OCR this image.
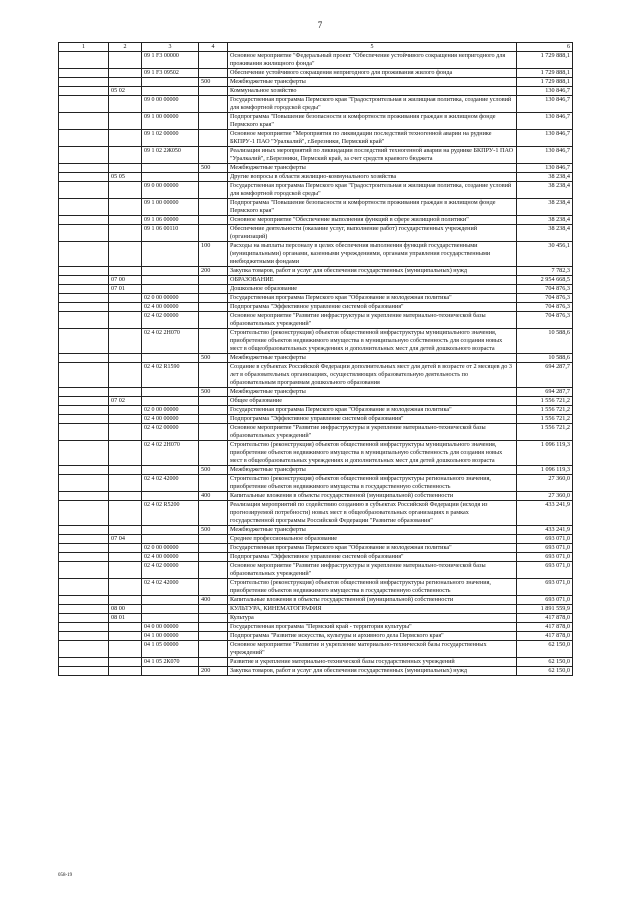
7
1	2	3	4	5	6
		09 1 F3 00000		Основное мероприятие "Федеральный проект "Обеспечение устойчивого сокращения непригодного для проживания жилищного фонда"	1 729 888,1
		09 1 F3 09502		Обеспечение устойчивого сокращения непригодного для проживания жилого фонда	1 729 888,1
			500	Межбюджетные трансферты	1 729 888,1
	05 02			Коммунальное хозяйство	130 846,7
		09 0 00 00000		Государственная программа Пермского края "Градостроительная и жилищная политика, создание условий для комфортной городской среды"	130 846,7
		09 1 00 00000		Подпрограмма "Повышение безопасности и комфортности проживания граждан в жилищном фонде Пермского края"	130 846,7
		09 1 02 00000		Основное мероприятие "Мероприятия по ликвидации последствий техногенной аварии на руднике БКПРУ-1 ПАО "Уралкалий", г.Березники, Пермский край"	130 846,7
		09 1 02 2Ж050		Реализация иных мероприятий по ликвидации последствий техногенной аварии на руднике БКПРУ-1 ПАО "Уралкалий", г.Березники, Пермский край, за счет средств краевого бюджета	130 846,7
			500	Межбюджетные трансферты	130 846,7
	05 05			Другие вопросы в области жилищно-коммунального хозяйства	38 238,4
		09 0 00 00000		Государственная программа Пермского края "Градостроительная и жилищная политика, создание условий для комфортной городской среды"	38 238,4
		09 1 00 00000		Подпрограмма "Повышение безопасности и комфортности проживания граждан в жилищном фонде Пермского края"	38 238,4
		09 1 06 00000		Основное мероприятие "Обеспечение выполнения функций в сфере жилищной политики"	38 238,4
		09 1 06 00110		Обеспечение деятельности (оказание услуг, выполнение работ) государственных учреждений (организаций)	38 238,4
			100	Расходы на выплаты персоналу в целях обеспечения выполнения функций государственными (муниципальными) органами, казенными учреждениями, органами управления государственными внебюджетными фондами	30 456,1
			200	Закупка товаров, работ и услуг для обеспечения государственных (муниципальных) нужд	7 782,3
	07 00			ОБРАЗОВАНИЕ	2 954 668,5
	07 01			Дошкольное образование	704 876,3
		02 0 00 00000		Государственная программа Пермского края "Образование и молодежная политика"	704 876,3
		02 4 00 00000		Подпрограмма "Эффективное управление системой образования"	704 876,3
		02 4 02 00000		Основное мероприятие "Развитие инфраструктуры и укрепление материально-технической базы образовательных учреждений"	704 876,3
		02 4 02 2Н070		Строительство (реконструкция) объектов общественной инфраструктуры муниципального значения, приобретение объектов недвижимого имущества в муниципальную собственность для создания новых мест в общеобразовательных учреждениях и дополнительных мест для детей дошкольного возраста	10 588,6
			500	Межбюджетные трансферты	10 588,6
		02 4 02 R1590		Создание в субъектах Российской Федерации дополнительных мест для детей в возрасте от 2 месяцев до 3 лет в образовательных организациях, осуществляющих образовательную деятельность по образовательным программам дошкольного образования	694 287,7
			500	Межбюджетные трансферты	694 287,7
	07 02			Общее образование	1 556 721,2
		02 0 00 00000		Государственная программа Пермского края "Образование и молодежная политика"	1 556 721,2
		02 4 00 00000		Подпрограмма "Эффективное управление системой образования"	1 556 721,2
		02 4 02 00000		Основное мероприятие "Развитие инфраструктуры и укрепление материально-технической базы образовательных учреждений"	1 556 721,2
		02 4 02 2Н070		Строительство (реконструкция) объектов общественной инфраструктуры муниципального значения, приобретение объектов недвижимого имущества в муниципальную собственность для создания новых мест в общеобразовательных учреждениях и дополнительных мест для детей дошкольного возраста	1 096 119,3
			500	Межбюджетные трансферты	1 096 119,3
		02 4 02 42000		Строительство (реконструкция) объектов общественной инфраструктуры регионального значения, приобретение объектов недвижимого имущества в государственную собственность	27 360,0
			400	Капитальные вложения в объекты государственной (муниципальной) собственности	27 360,0
		02 4 02 R5200		Реализация мероприятий по содействию созданию в субъектах Российской Федерации (исходя из прогнозируемой потребности) новых мест в общеобразовательных организациях в рамках государственной программы Российской Федерации "Развитие образования"	433 241,9
			500	Межбюджетные трансферты	433 241,9
	07 04			Среднее профессиональное образование	693 071,0
		02 0 00 00000		Государственная программа Пермского края "Образование и молодежная политика"	693 071,0
		02 4 00 00000		Подпрограмма "Эффективное управление системой образования"	693 071,0
		02 4 02 00000		Основное мероприятие "Развитие инфраструктуры и укрепление материально-технической базы образовательных учреждений"	693 071,0
		02 4 02 42000		Строительство (реконструкция) объектов общественной инфраструктуры регионального значения, приобретение объектов недвижимого имущества в государственную собственность	693 071,0
			400	Капитальные вложения в объекты государственной (муниципальной) собственности	693 071,0
	08 00			КУЛЬТУРА, КИНЕМАТОГРАФИЯ	1 891 559,9
	08 01			Культура	417 878,0
		04 0 00 00000		Государственная программа "Пермский край - территория культуры"	417 878,0
		04 1 00 00000		Подпрограмма "Развитие искусства, культуры и архивного дела Пермского края"	417 878,0
		04 1 05 00000		Основное мероприятие "Развитие и укрепление материально-технической базы государственных учреждений"	62 150,0
		04 1 05 2К070		Развитие и укрепление материально-технической базы государственных учреждений	62 150,0
			200	Закупка товаров, работ и услуг для обеспечения государственных (муниципальных) нужд	62 150,0
058-19
